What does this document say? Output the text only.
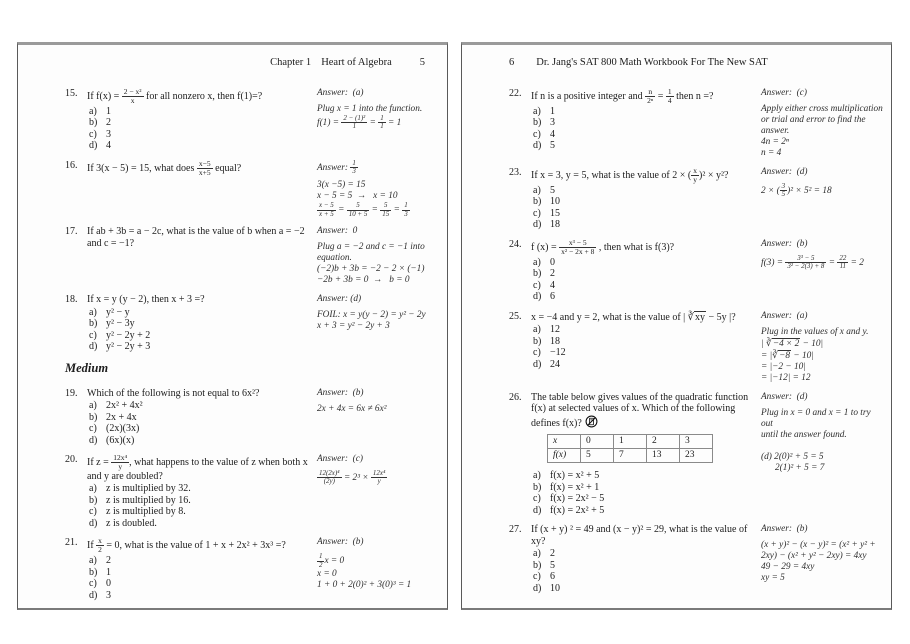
Chapter 1 Heart of Algebra	5
15. If $f(x) = \frac{\text{2 − x²}}{x}$ for all nonzero x, then f(1)=?
a) 1
b) 2
c) 3
d) 4
Answer:  (a)
Plug x = 1 into the function.
$f(1) = \frac{\text{2 − (1)²}}{1} = \frac{1}{1} = 1$
16. If 3(x − 5) = 15, what does $\frac{x-5}{x+5}$ equal?	Answer: $\frac{1}{3}$
3(x −5) = 15
x − 5 = 5  →   x = 10
$\frac{x - 5}{x + 5} = \frac{5}{10 + 5} = \frac{5}{15} = \frac{1}{3}$
17. If ab + 3b = a − 2c, what is the value of b when a = −2 and c = −1?
Answer:  0
Plug a = −2 and c = −1 into
equation.
(−2)b + 3b = −2 − 2 × (−1)
−2b + 3b = 0  →   b = 0
18. If x = y (y − 2), then x + 3 =?
a) y² − y
b) y² − 3y
c) y² − 2y + 2
d) y² − 2y + 3
Answer: (d)
FOIL: x = y(y − 2) = y² − 2y
x + 3 = y² − 2y + 3
Medium
19. Which of the following is not equal to 6x²?
a) 2x² + 4x²
b) 2x + 4x
c) (2x)(3x)
d) (6x)(x)
Answer:  (b)
2x + 4x = 6x ≠ 6x²
20. If $z = \frac{\text{12x⁴}}{y}$ , what happens to the value of z when both x and y are doubled?
a) z is multiplied by 32.
b) z is multiplied by 16.
c) z is multiplied by 8.
d) z is doubled.
Answer:  (c)
$\frac{\text{12(2x)⁴}}{(2y)} = 2^3 \times \frac{\text{12x⁴}}{y}$
21. If $\frac{x}{2} = 0$, what is the value of 1 + x + 2x² + 3x³ =?
a) 2
b) 1
c) 0
d) 3
Answer:  (b)
$\frac{1}{2}$ x = 0
x = 0
1 + 0 + 2(0)² + 3(0)³ = 1
6 Dr. Jang's SAT 800 Math Workbook For The New SAT
22. If n is a positive integer and $\frac{n}{\text{2ⁿ}} = \frac{1}{4}$ then n =?
a) 1
b) 3
c) 4
d) 5
Answer:  (c)
Apply either cross multiplication
or trial and error to find the
answer.
4n = 2ⁿ
n = 4
23. If x = 3, y = 5, what is the value of 2 × ( $\frac{x}{y} )^2 \times y^2$?
a) 5
b) 10
c) 15
d) 18
Answer:  (d)
2 × ( $\frac{3}{5} )^2 \times 5^2 = 18$
24. f $(x) = \frac{\text{x³ − 5}}{\text{x² − 2x + 8}}$ , then what is f(3)?
a) 0
b) 2
c) 4
d) 6
Answer:  (b)
$f(3) = \frac{\text{3³ − 5}}{\text{3² − 2(3) + 8}} = \frac{22}{11} = 2$
25. x = −4 and y = 2, what is the value of | ∛xy − 5y |?
a) 12
b) 18
c) −12
d) 24
Answer:  (a)
Plug in the values of x and y.
| ∛−4 × 2 − 10|
= |∛−8 − 10|
= |−2 − 10|
= |−12| = 12
26. The table below gives values of the quadratic function f(x) at selected values of x. Which of the following defines f(x)?
x	0	1	2	3
f(x)	5	7	13	23
a) f(x) = x² + 5
b) f(x) = x² + 1
c) f(x) = 2x² − 5
d) f(x) = 2x² + 5
Answer:  (d)
Plug in x = 0 and x = 1 to try out
until the answer found.
(d) 2(0)² + 5 = 5
2(1)² + 5 = 7
27. If (x + y) ² = 49 and (x − y)² = 29, what is the value of xy?
a) 2
b) 5
c) 6
d) 10
Answer:  (b)
(x + y)² − (x − y)² = (x² + y² +
2xy) − (x² + y² − 2xy) = 4xy
49 − 29 = 4xy
xy = 5
